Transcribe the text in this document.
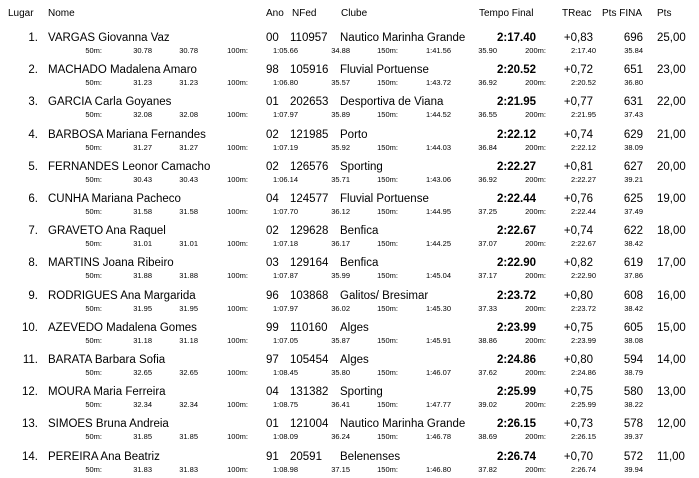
Lugar Nome	Ano NFed Clube	Tempo Final	TReac Pts FINA Pts
1. VARGAS Giovanna Vaz	00 110957 Nautico Marinha Grande	2:17.40	+0,83	696 25,00
50m:	30.78	30.78	100m:	1:05.66	34.88	150m:	1:41.56	35.90	200m:	2:17.40	35.84
2. MACHADO Madalena Amaro	98 105916 Fluvial Portuense	2:20.52	+0,72	651 23,00
50m:	31.23	31.23	100m:	1:06.80	35.57	150m:	1:43.72	36.92	200m:	2:20.52	36.80
3. GARCIA Carla Goyanes	01 202653 Desportiva de Viana	2:21.95	+0,77	631 22,00
50m:	32.08	32.08	100m:	1:07.97	35.89	150m:	1:44.52	36.55	200m:	2:21.95	37.43
4. BARBOSA Mariana Fernandes	02 121985 Porto	2:22.12	+0,74	629 21,00
50m:	31.27	31.27	100m:	1:07.19	35.92	150m:	1:44.03	36.84	200m:	2:22.12	38.09
5. FERNANDES Leonor Camacho	02 126576 Sporting	2:22.27	+0,81	627 20,00
50m:	30.43	30.43	100m:	1:06.14	35.71	150m:	1:43.06	36.92	200m:	2:22.27	39.21
6. CUNHA Mariana Pacheco	04 124577 Fluvial Portuense	2:22.44	+0,76	625 19,00
50m:	31.58	31.58	100m:	1:07.70	36.12	150m:	1:44.95	37.25	200m:	2:22.44	37.49
7. GRAVETO Ana Raquel	02 129628 Benfica	2:22.67	+0,74	622 18,00
50m:	31.01	31.01	100m:	1:07.18	36.17	150m:	1:44.25	37.07	200m:	2:22.67	38.42
8. MARTINS Joana Ribeiro	03 129164 Benfica	2:22.90	+0,82	619 17,00
50m:	31.88	31.88	100m:	1:07.87	35.99	150m:	1:45.04	37.17	200m:	2:22.90	37.86
9. RODRIGUES Ana Margarida	96 103868 Galitos/ Bresimar	2:23.72	+0,80	608 16,00
50m:	31.95	31.95	100m:	1:07.97	36.02	150m:	1:45.30	37.33	200m:	2:23.72	38.42
10. AZEVEDO Madalena Gomes	99 110160 Alges	2:23.99	+0,75	605 15,00
50m:	31.18	31.18	100m:	1:07.05	35.87	150m:	1:45.91	38.86	200m:	2:23.99	38.08
11. BARATA Barbara Sofia	97 105454 Alges	2:24.86	+0,80	594 14,00
50m:	32.65	32.65	100m:	1:08.45	35.80	150m:	1:46.07	37.62	200m:	2:24.86	38.79
12. MOURA Maria Ferreira	04 131382 Sporting	2:25.99	+0,75	580 13,00
50m:	32.34	32.34	100m:	1:08.75	36.41	150m:	1:47.77	39.02	200m:	2:25.99	38.22
13. SIMOES Bruna Andreia	01 121004 Nautico Marinha Grande	2:26.15	+0,73	578 12,00
50m:	31.85	31.85	100m:	1:08.09	36.24	150m:	1:46.78	38.69	200m:	2:26.15	39.37
14. PEREIRA Ana Beatriz	91 20591 Belenenses	2:26.74	+0,70	572 11,00
50m:	31.83	31.83	100m:	1:08.98	37.15	150m:	1:46.80	37.82	200m:	2:26.74	39.94
